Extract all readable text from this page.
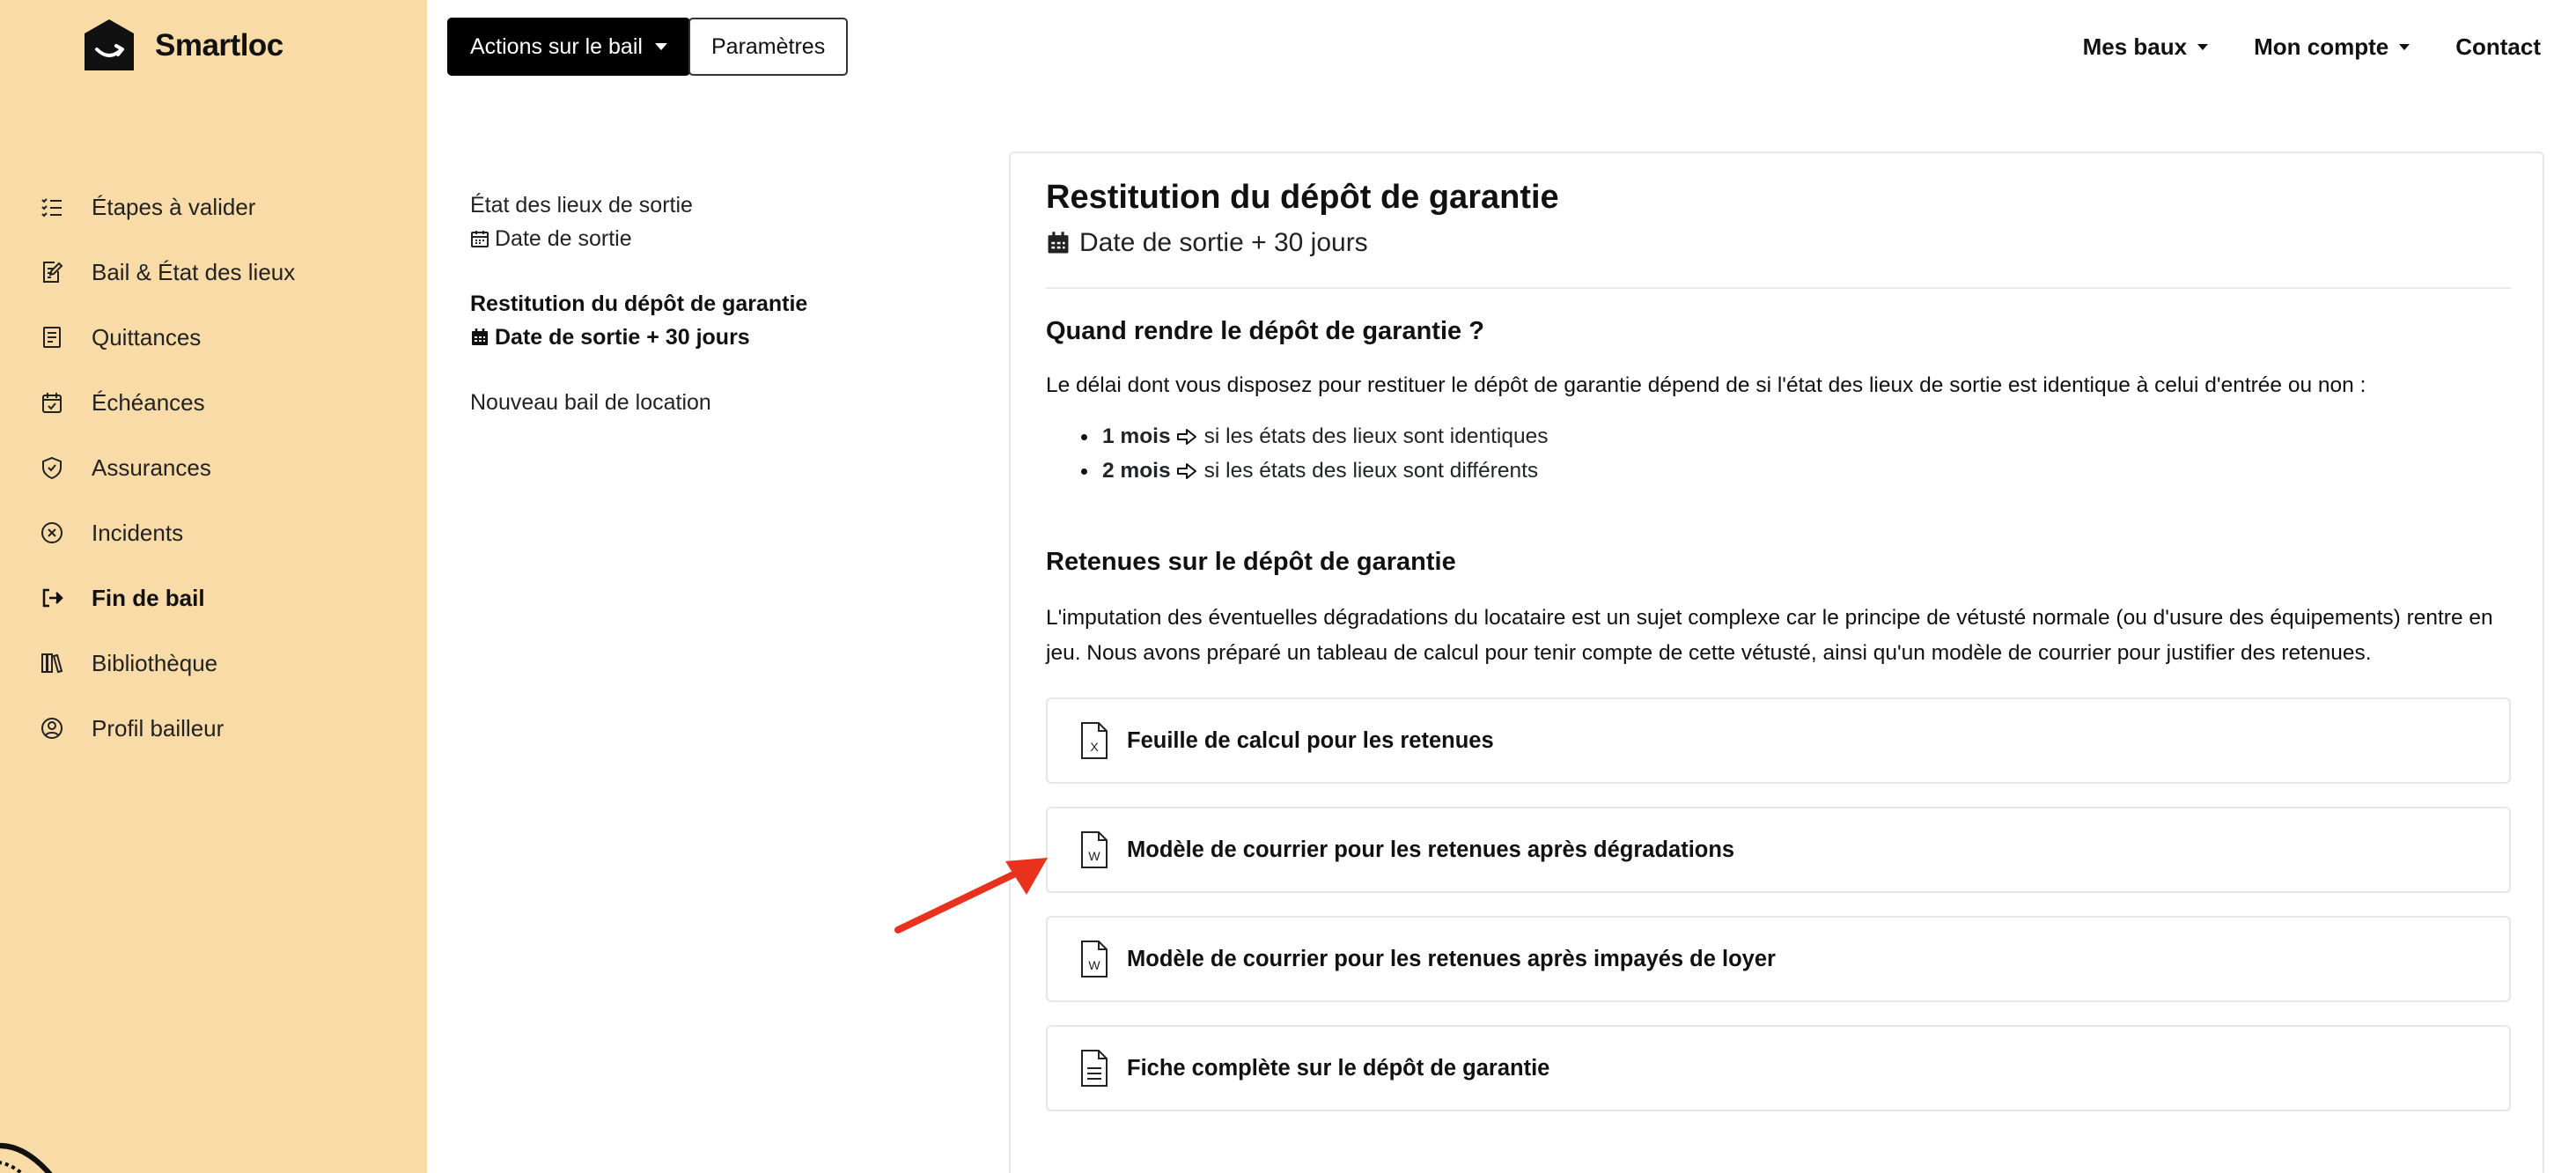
Smartloc
Étapes à valider
Bail & État des lieux
Quittances
Échéances
Assurances
Incidents
Fin de bail
Bibliothèque
Profil bailleur
Actions sur le bail	Paramètres	Mes baux	Mon compte	Contact
État des lieux de sortie
Date de sortie
Restitution du dépôt de garantie
Date de sortie + 30 jours
Nouveau bail de location
Restitution du dépôt de garantie
Date de sortie + 30 jours
Quand rendre le dépôt de garantie ?

Le délai dont vous disposez pour restituer le dépôt de garantie dépend de si l'état des lieux de sortie est identique à celui d'entrée ou non :

1 mois si les états des lieux sont identiques
2 mois si les états des lieux sont différents
Retenues sur le dépôt de garantie

L'imputation des éventuelles dégradations du locataire est un sujet complexe car le principe de vétusté normale (ou d'usure des équipements) rentre en jeu. Nous avons préparé un tableau de calcul pour tenir compte de cette vétusté, ainsi qu'un modèle de courrier pour justifier des retenues.

X Feuille de calcul pour les retenues
W Modèle de courrier pour les retenues après dégradations
W Modèle de courrier pour les retenues après impayés de loyer
Fiche complète sur le dépôt de garantie
